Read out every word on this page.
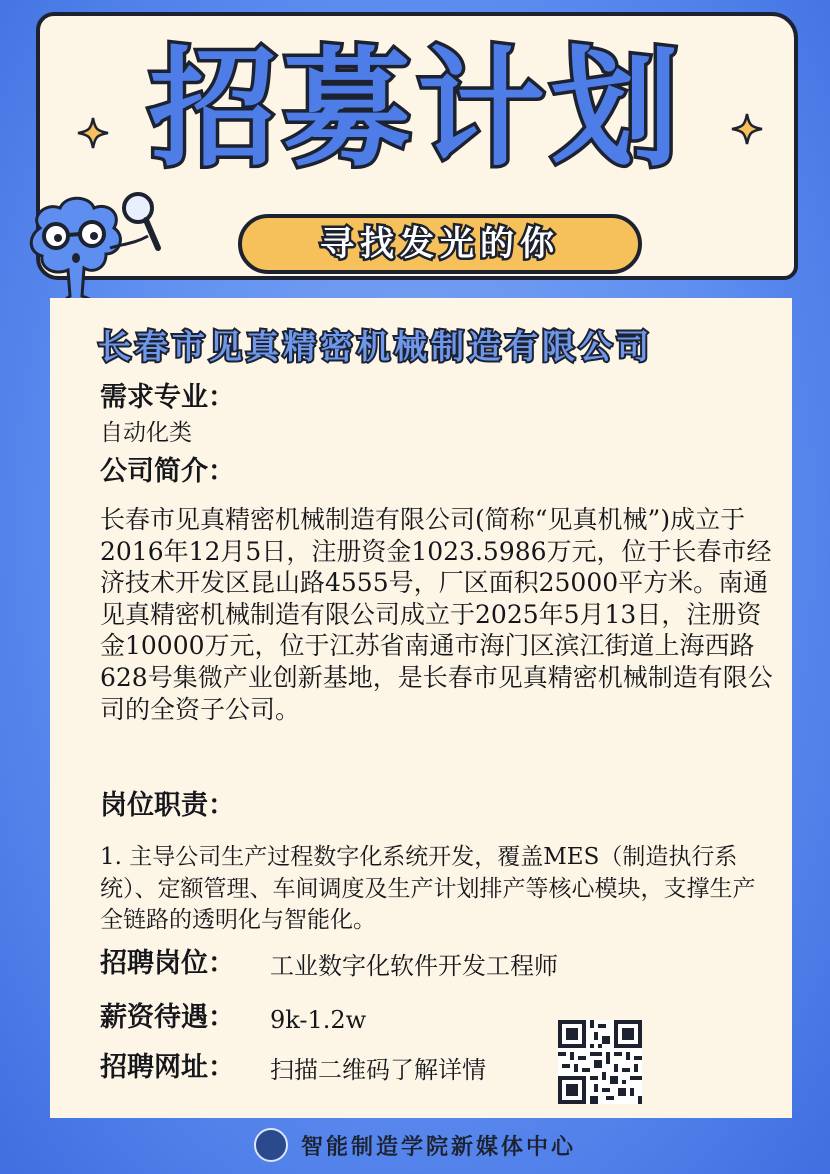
招募计划
寻找发光的你
长春市见真精密机械制造有限公司
需求专业：
自动化类
公司简介：
长春市见真精密机械制造有限公司(简称“见真机械”)成立于2016年12月5日，注册资金1023.5986万元，位于长春市经济技术开发区昆山路4555号，厂区面积25000平方米。南通见真精密机械制造有限公司成立于2025年5月13日，注册资金10000万元，位于江苏省南通市海门区滨江街道上海西路628号集微产业创新基地，是长春市见真精密机械制造有限公司的全资子公司。
岗位职责：
1. 主导公司生产过程数字化系统开发，覆盖MES（制造执行系统）、定额管理、车间调度及生产计划排产等核心模块，支撑生产全链路的透明化与智能化。
招聘岗位： 工业数字化软件开发工程师
薪资待遇： 9k-1.2w
招聘网址： 扫描二维码了解详情
智能制造学院新媒体中心
